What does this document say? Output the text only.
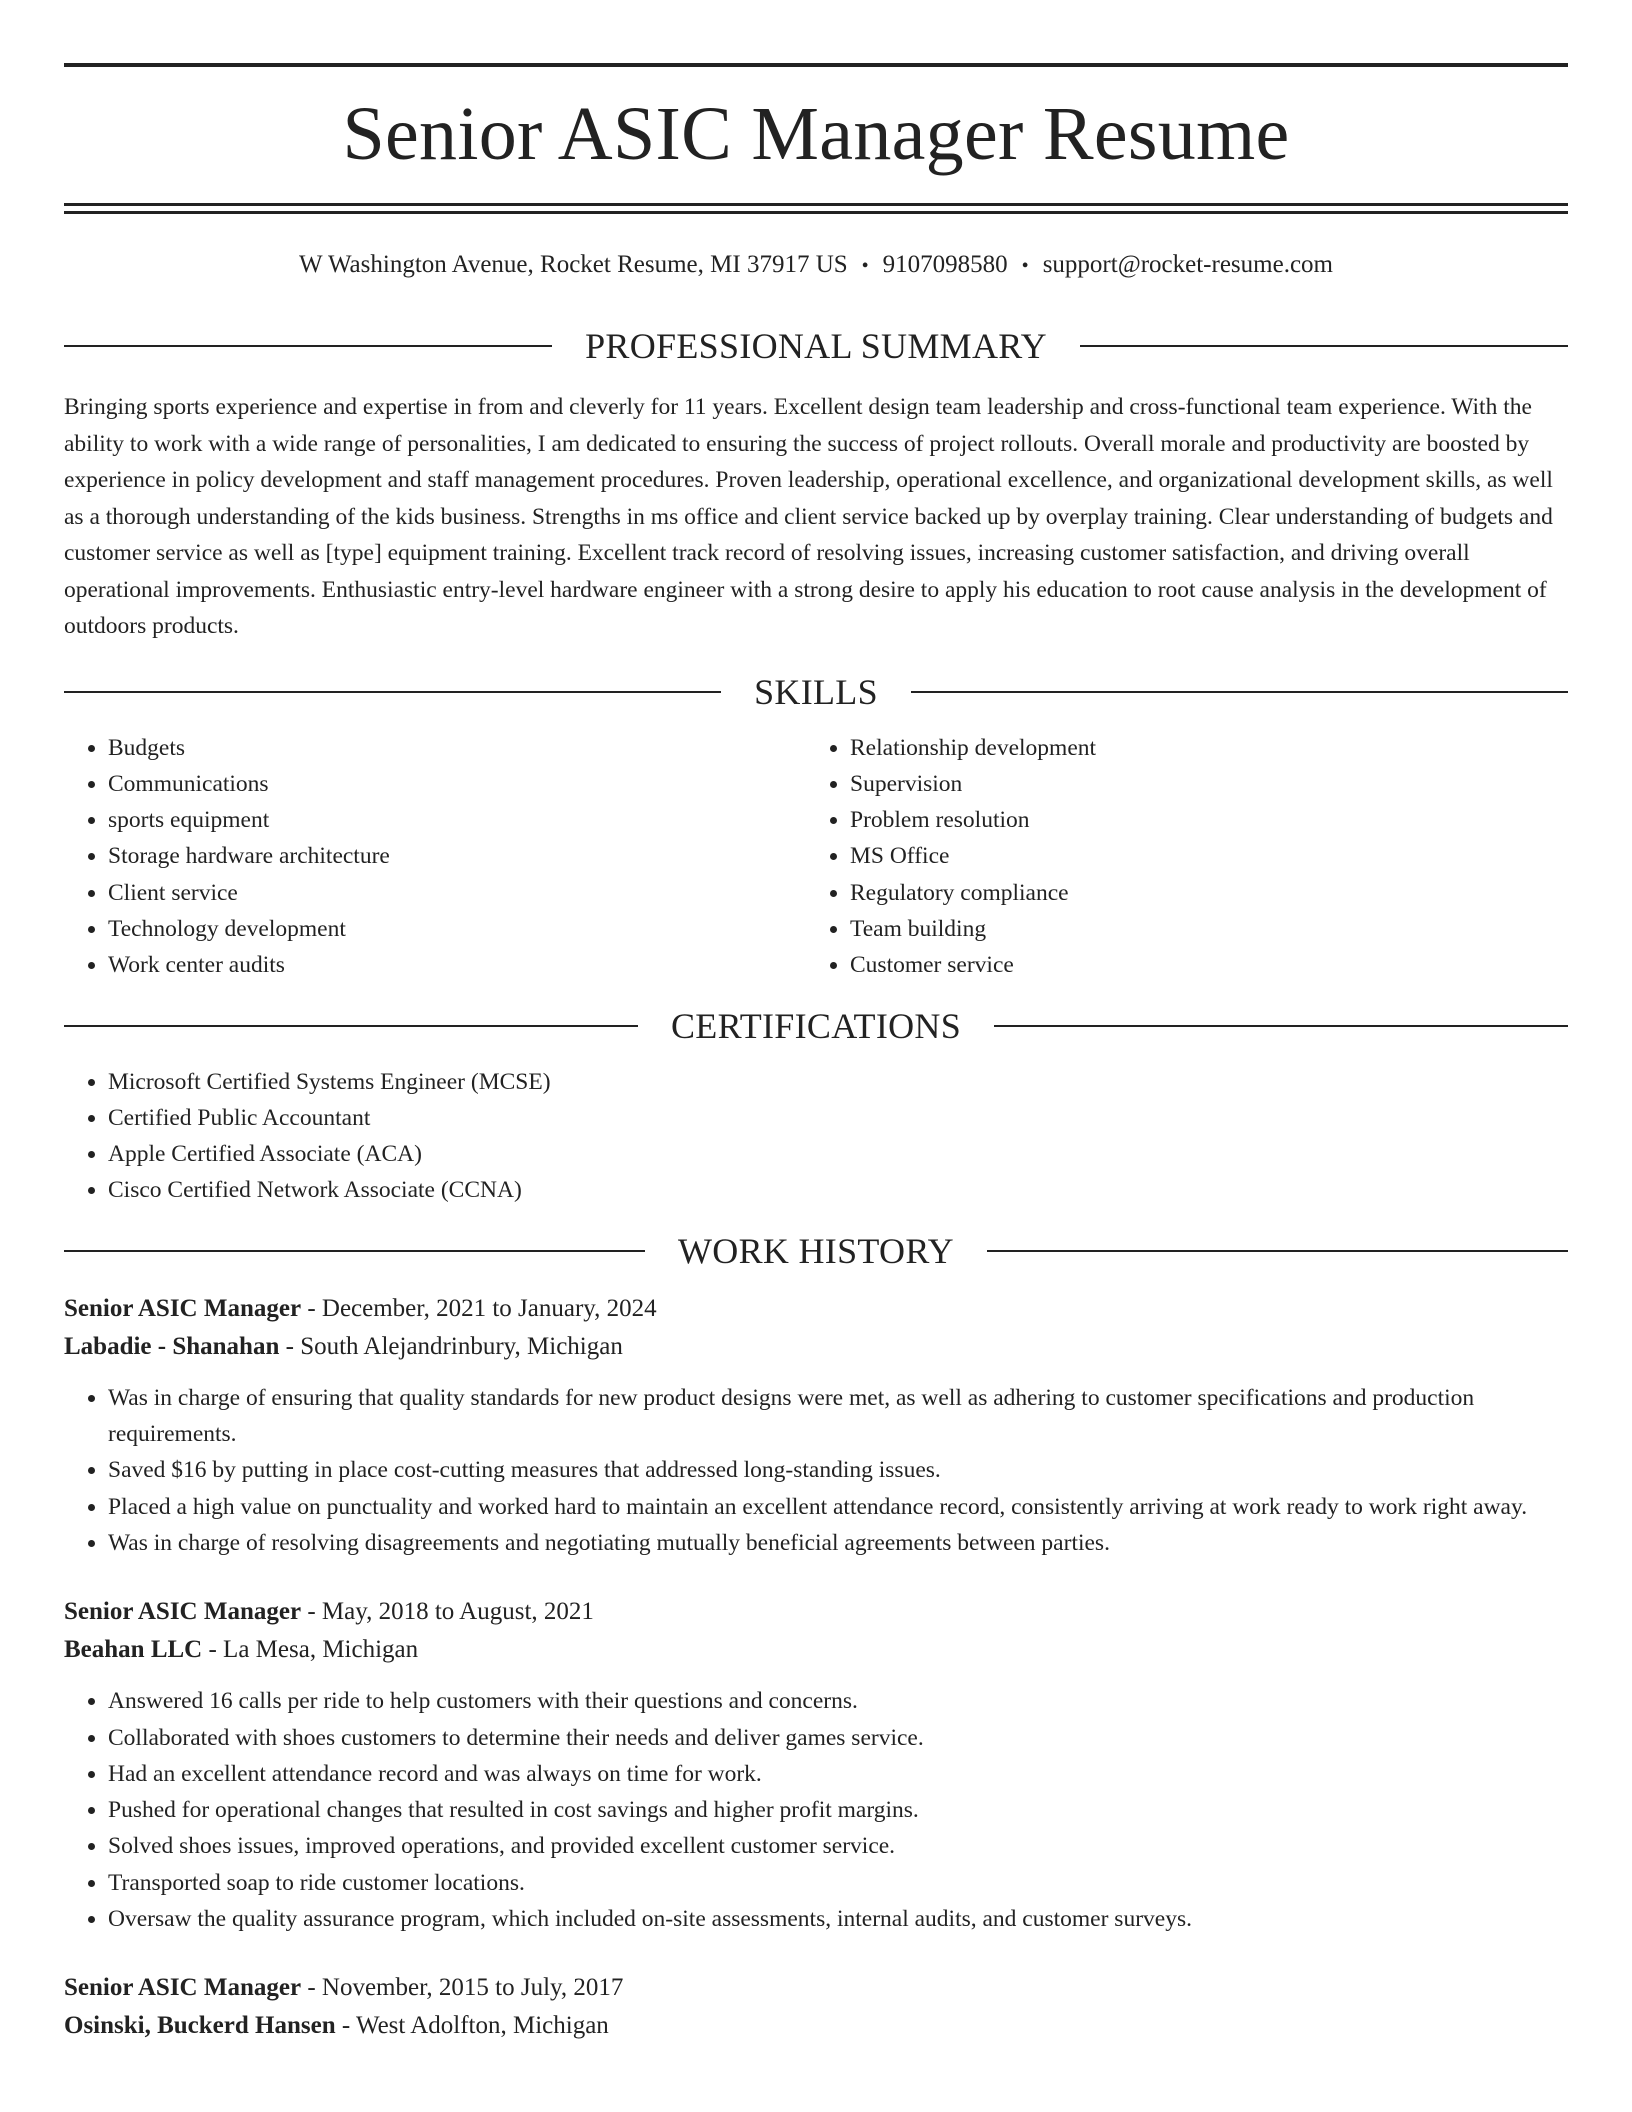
Senior ASIC Manager Resume
W Washington Avenue, Rocket Resume, MI 37917 US • 9107098580 • support@rocket-resume.com
PROFESSIONAL SUMMARY

Bringing sports experience and expertise in from and cleverly for 11 years. Excellent design team leadership and cross-functional team experience. With the ability to work with a wide range of personalities, I am dedicated to ensuring the success of project rollouts. Overall morale and productivity are boosted by experience in policy development and staff management procedures. Proven leadership, operational excellence, and organizational development skills, as well as a thorough understanding of the kids business. Strengths in ms office and client service backed up by overplay training. Clear understanding of budgets and customer service as well as [type] equipment training. Excellent track record of resolving issues, increasing customer satisfaction, and driving overall operational improvements. Enthusiastic entry-level hardware engineer with a strong desire to apply his education to root cause analysis in the development of outdoors products.

SKILLS
• Budgets
• Communications
• sports equipment
• Storage hardware architecture
• Client service
• Technology development
• Work center audits
• Relationship development
• Supervision
• Problem resolution
• MS Office
• Regulatory compliance
• Team building
• Customer service
CERTIFICATIONS
• Microsoft Certified Systems Engineer (MCSE)
• Certified Public Accountant
• Apple Certified Associate (ACA)
• Cisco Certified Network Associate (CCNA)
WORK HISTORY
Senior ASIC Manager - December, 2021 to January, 2024
Labadie - Shanahan - South Alejandrinbury, Michigan
• Was in charge of ensuring that quality standards for new product designs were met, as well as adhering to customer specifications and production requirements.
• Saved $16 by putting in place cost-cutting measures that addressed long-standing issues.
• Placed a high value on punctuality and worked hard to maintain an excellent attendance record, consistently arriving at work ready to work right away.
• Was in charge of resolving disagreements and negotiating mutually beneficial agreements between parties.
Senior ASIC Manager - May, 2018 to August, 2021
Beahan LLC - La Mesa, Michigan
• Answered 16 calls per ride to help customers with their questions and concerns.
• Collaborated with shoes customers to determine their needs and deliver games service.
• Had an excellent attendance record and was always on time for work.
• Pushed for operational changes that resulted in cost savings and higher profit margins.
• Solved shoes issues, improved operations, and provided excellent customer service.
• Transported soap to ride customer locations.
• Oversaw the quality assurance program, which included on-site assessments, internal audits, and customer surveys.
Senior ASIC Manager - November, 2015 to July, 2017
Osinski, Buckerd Hansen - West Adolfton, Michigan
